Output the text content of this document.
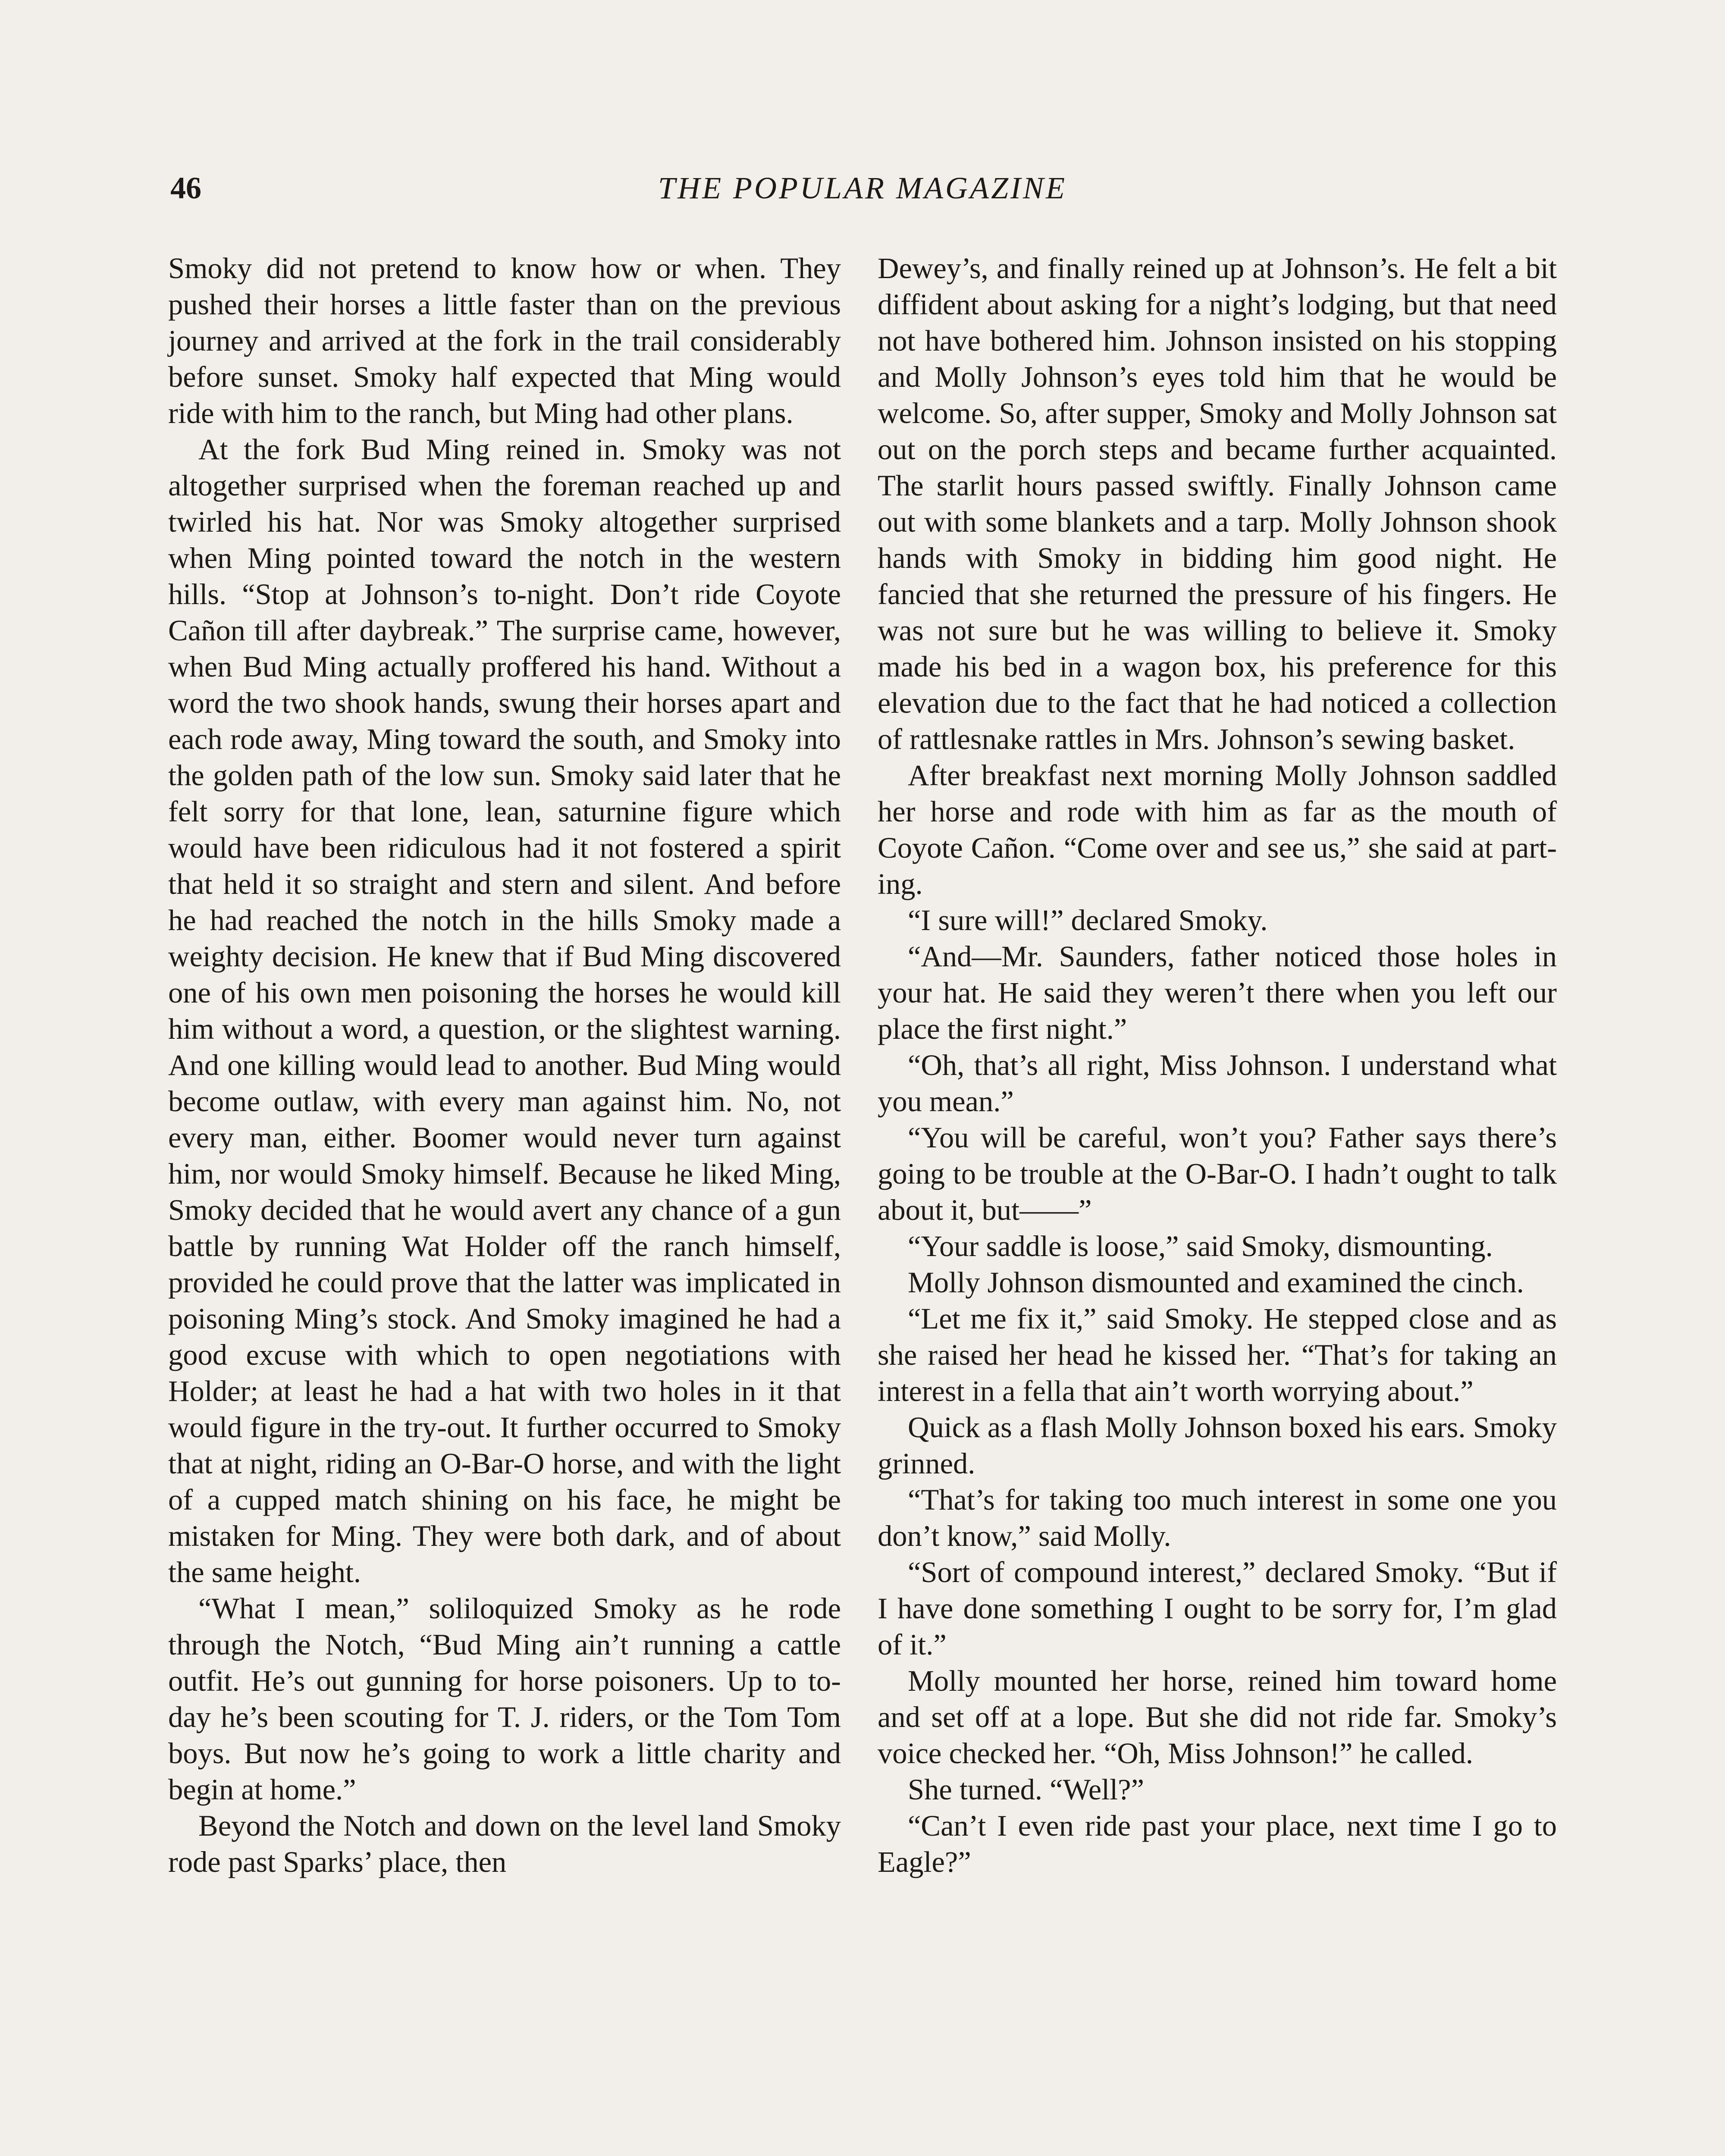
46	THE POPULAR MAGAZINE

Smoky did not pretend to know how or when. They pushed their horses a little faster than on the previous journey and arrived at the fork in the trail considerably before sunset. Smoky half expected that Ming would ride with him to the ranch, but Ming had other plans.

At the fork Bud Ming reined in. Smoky was not altogether surprised when the foreman reached up and twirled his hat. Nor was Smoky altogether surprised when Ming pointed toward the notch in the western hills. “Stop at Johnson’s to-night. Don’t ride Coyote Cañon till after daybreak.” The surprise came, however, when Bud Ming actually proffered his hand. Without a word the two shook hands, swung their horses apart and each rode away, Ming toward the south, and Smoky into the golden path of the low sun. Smoky said later that he felt sorry for that lone, lean, saturnine figure which would have been ridiculous had it not fostered a spirit that held it so straight and stern and silent. And before he had reached the notch in the hills Smoky made a weighty decision. He knew that if Bud Ming discovered one of his own men poisoning the horses he would kill him without a word, a question, or the slightest warning. And one killing would lead to another. Bud Ming would become outlaw, with every man against him. No, not every man, either. Boomer would never turn against him, nor would Smoky himself. Because he liked Ming, Smoky decided that he would avert any chance of a gun battle by running Wat Holder off the ranch himself, provided he could prove that the latter was implicated in poisoning Ming’s stock. And Smoky imagined he had a good excuse with which to open negotiations with Holder; at least he had a hat with two holes in it that would figure in the try-out. It further occurred to Smoky that at night, riding an O-Bar-O horse, and with the light of a cupped match shining on his face, he might be mistaken for Ming. They were both dark, and of about the same height.

“What I mean,” soliloquized Smoky as he rode through the Notch, “Bud Ming ain’t running a cattle outfit. He’s out gunning for horse poisoners. Up to to-day he’s been scouting for T. J. riders, or the Tom Tom boys. But now he’s going to work a little charity and begin at home.”

Beyond the Notch and down on the level land Smoky rode past Sparks’ place, then

Dewey’s, and finally reined up at Johnson’s. He felt a bit diffident about asking for a night’s lodging, but that need not have bothered him. Johnson insisted on his stopping and Molly Johnson’s eyes told him that he would be welcome. So, after supper, Smoky and Molly Johnson sat out on the porch steps and became further acquainted. The starlit hours passed swiftly. Finally Johnson came out with some blankets and a tarp. Molly Johnson shook hands with Smoky in bidding him good night. He fancied that she returned the pressure of his fingers. He was not sure but he was willing to believe it. Smoky made his bed in a wagon box, his preference for this elevation due to the fact that he had noticed a collection of rattlesnake rattles in Mrs. Johnson’s sewing basket.

After breakfast next morning Molly Johnson saddled her horse and rode with him as far as the mouth of Coyote Cañon. “Come over and see us,” she said at parting.

“I sure will!” declared Smoky.

“And—Mr. Saunders, father noticed those holes in your hat. He said they weren’t there when you left our place the first night.”

“Oh, that’s all right, Miss Johnson. I understand what you mean.”

“You will be careful, won’t you? Father says there’s going to be trouble at the O-Bar-O. I hadn’t ought to talk about it, but——”

“Your saddle is loose,” said Smoky, dismounting.

Molly Johnson dismounted and examined the cinch.

“Let me fix it,” said Smoky. He stepped close and as she raised her head he kissed her. “That’s for taking an interest in a fella that ain’t worth worrying about.”

Quick as a flash Molly Johnson boxed his ears. Smoky grinned.

“That’s for taking too much interest in some one you don’t know,” said Molly.

“Sort of compound interest,” declared Smoky. “But if I have done something I ought to be sorry for, I’m glad of it.”

Molly mounted her horse, reined him toward home and set off at a lope. But she did not ride far. Smoky’s voice checked her. “Oh, Miss Johnson!” he called.

She turned. “Well?”

“Can’t I even ride past your place, next time I go to Eagle?”
